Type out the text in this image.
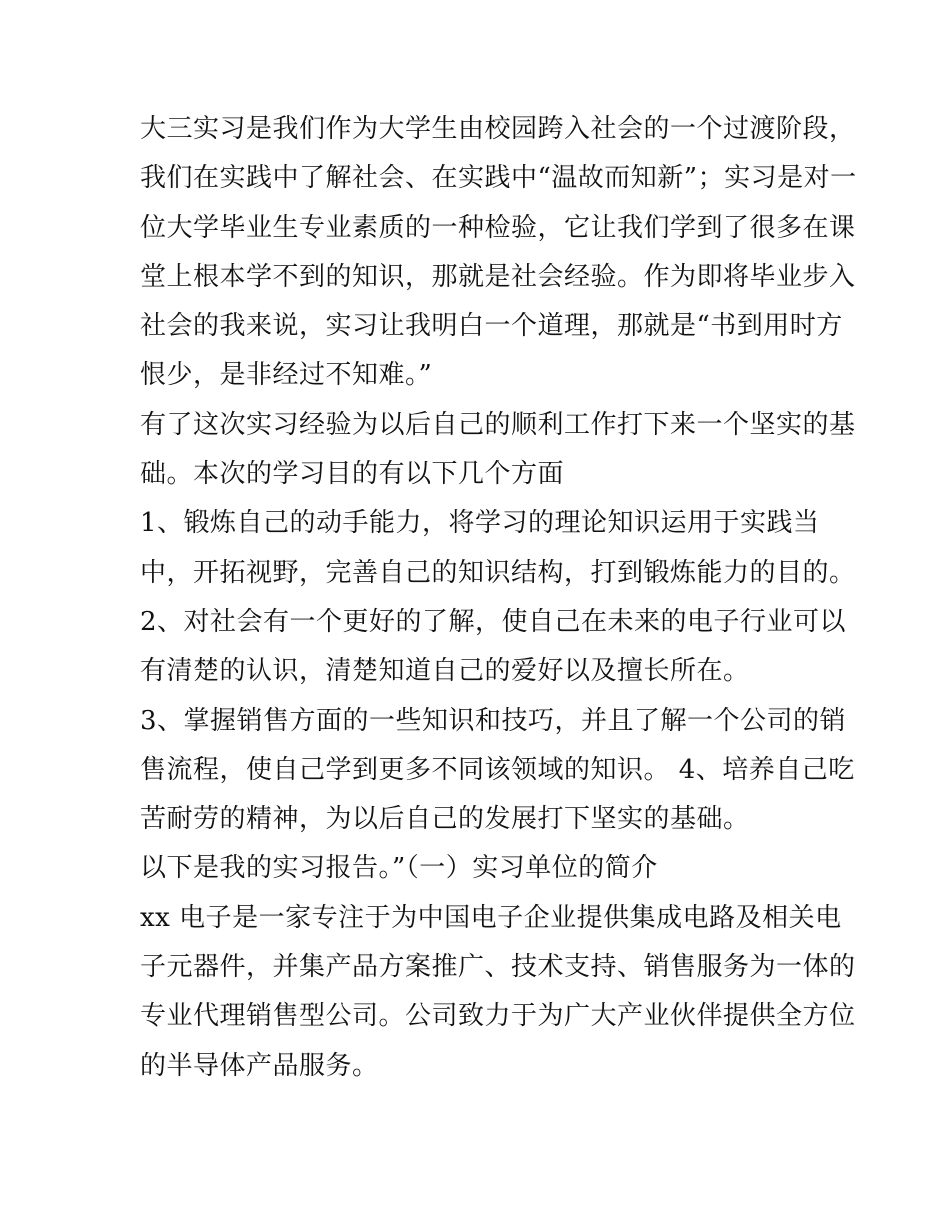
大三实习是我们作为大学生由校园跨入社会的一个过渡阶段，
我们在实践中了解社会、在实践中“温故而知新”；实习是对一
位大学毕业生专业素质的一种检验，它让我们学到了很多在课
堂上根本学不到的知识，那就是社会经验。作为即将毕业步入
社会的我来说，实习让我明白一个道理，那就是“书到用时方
恨少，是非经过不知难。”
有了这次实习经验为以后自己的顺利工作打下来一个坚实的基
础。本次的学习目的有以下几个方面
1、锻炼自己的动手能力，将学习的理论知识运用于实践当
中，开拓视野，完善自己的知识结构，打到锻炼能力的目的。
2、对社会有一个更好的了解，使自己在未来的电子行业可以
有清楚的认识，清楚知道自己的爱好以及擅长所在。
3、掌握销售方面的一些知识和技巧，并且了解一个公司的销
售流程，使自己学到更多不同该领域的知识。 4、培养自己吃
苦耐劳的精神，为以后自己的发展打下坚实的基础。
以下是我的实习报告。”（一）实习单位的简介
xx 电子是一家专注于为中国电子企业提供集成电路及相关电
子元器件，并集产品方案推广、技术支持、销售服务为一体的
专业代理销售型公司。公司致力于为广大产业伙伴提供全方位
的半导体产品服务。
